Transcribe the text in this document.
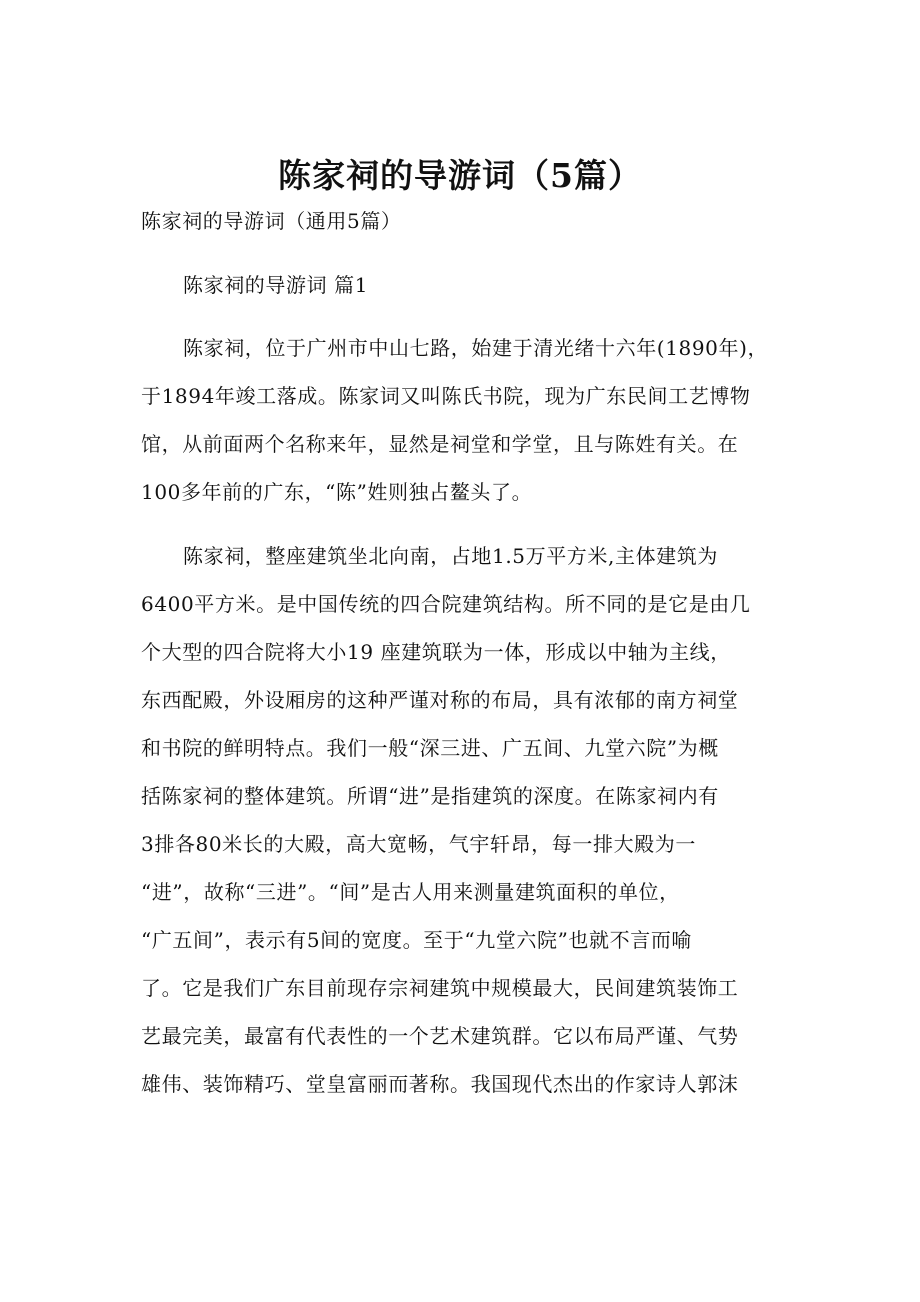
陈家祠的导游词（5篇）
陈家祠的导游词（通用5篇）
陈家祠的导游词 篇1
陈家祠，位于广州市中山七路，始建于清光绪十六年(1890年)，
于1894年竣工落成。陈家词又叫陈氏书院，现为广东民间工艺博物
馆，从前面两个名称来年，显然是祠堂和学堂，且与陈姓有关。在
100多年前的广东，“陈”姓则独占鳌头了。
陈家祠，整座建筑坐北向南，占地1.5万平方米,主体建筑为
6400平方米。是中国传统的四合院建筑结构。所不同的是它是由几
个大型的四合院将大小19 座建筑联为一体，形成以中轴为主线，
东西配殿，外设厢房的这种严谨对称的布局，具有浓郁的南方祠堂
和书院的鲜明特点。我们一般“深三进、广五间、九堂六院”为概
括陈家祠的整体建筑。所谓“进”是指建筑的深度。在陈家祠内有
3排各80米长的大殿，高大宽畅，气宇轩昂，每一排大殿为一
“进”，故称“三进”。“间”是古人用来测量建筑面积的单位，
“广五间”，表示有5间的宽度。至于“九堂六院”也就不言而喻
了。它是我们广东目前现存宗祠建筑中规模最大，民间建筑装饰工
艺最完美，最富有代表性的一个艺术建筑群。它以布局严谨、气势
雄伟、装饰精巧、堂皇富丽而著称。我国现代杰出的作家诗人郭沫
